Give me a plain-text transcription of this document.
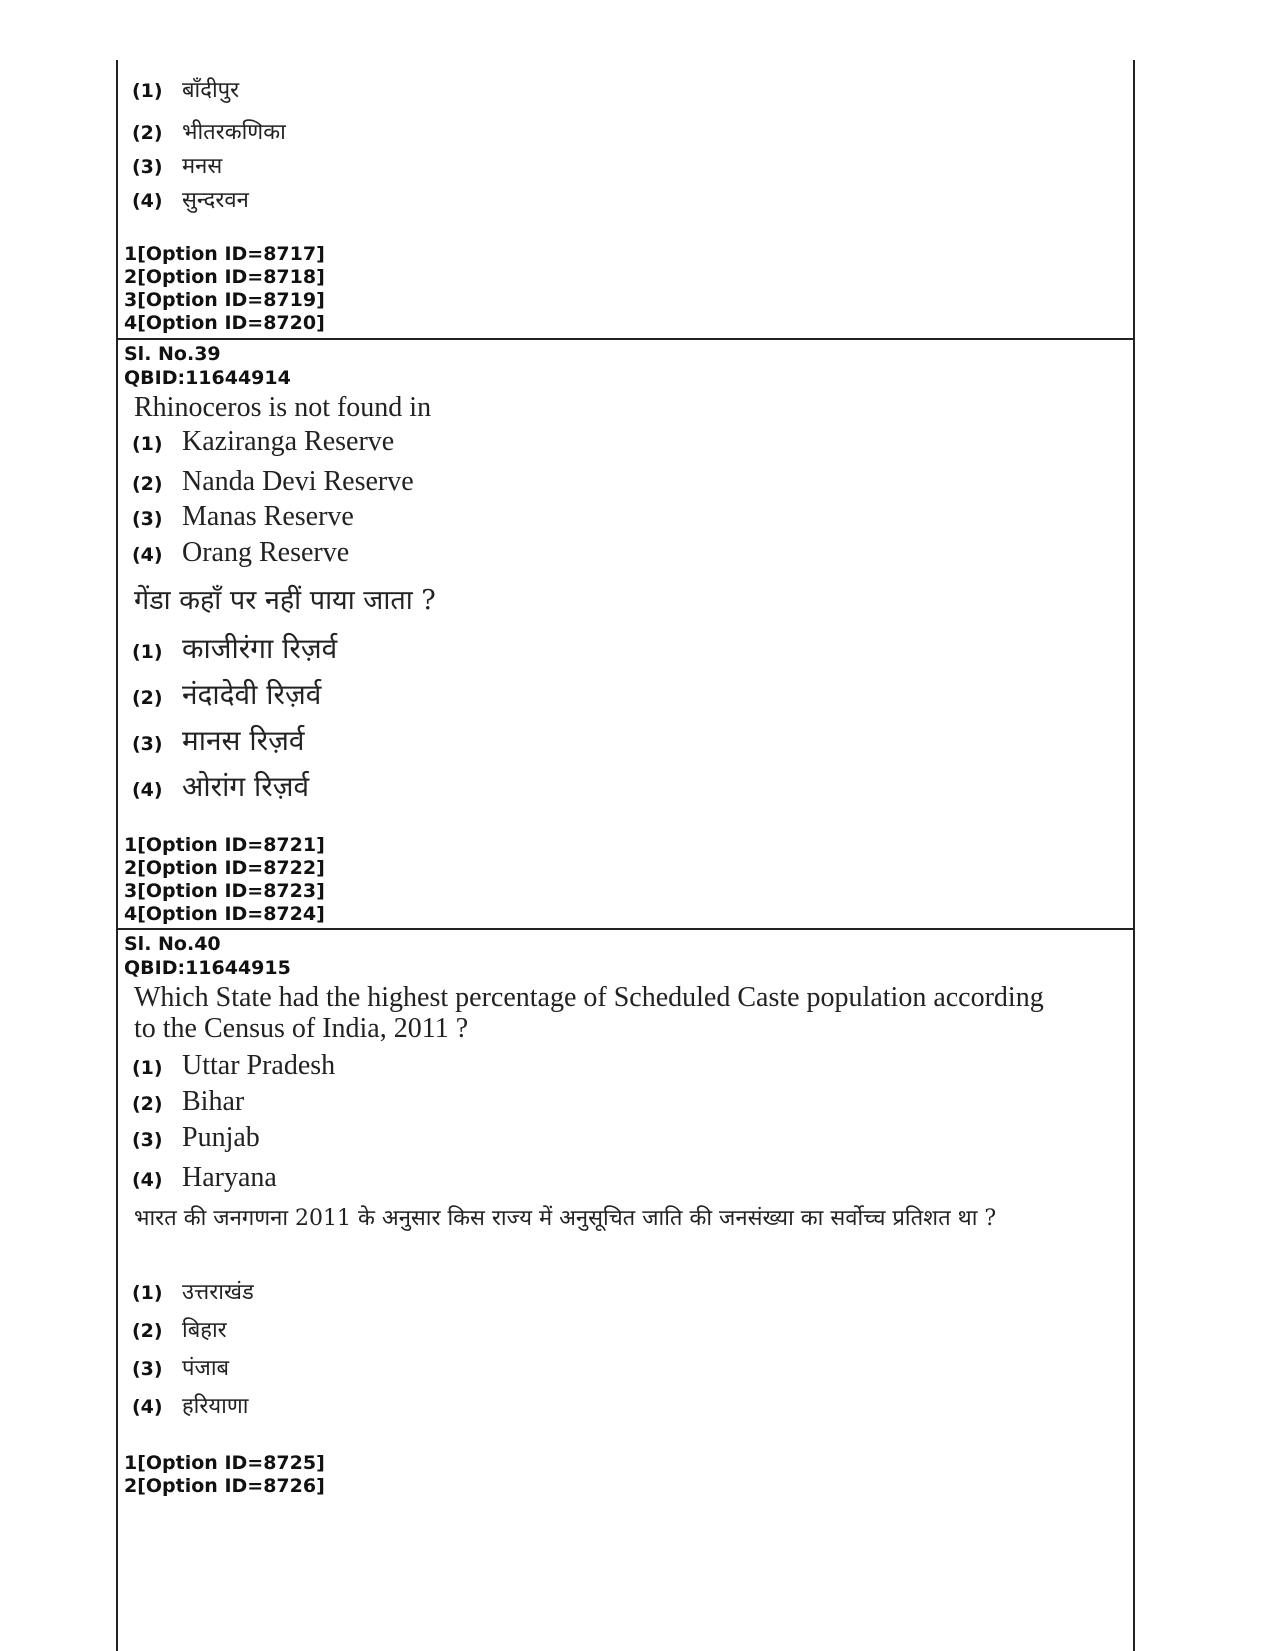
(1) बाँदीपुर
(2) भीतरकणिका
(3) मनस
(4) सुन्दरवन
1[Option ID=8717]
2[Option ID=8718]
3[Option ID=8719]
4[Option ID=8720]
Sl. No.39
QBID:11644914
Rhinoceros is not found in
(1) Kaziranga Reserve
(2) Nanda Devi Reserve
(3) Manas Reserve
(4) Orang Reserve
गेंडा कहाँ पर नहीं पाया जाता ?
(1) काजीरंगा रिज़र्व
(2) नंदादेवी रिज़र्व
(3) मानस रिज़र्व
(4) ओरांग रिज़र्व
1[Option ID=8721]
2[Option ID=8722]
3[Option ID=8723]
4[Option ID=8724]
Sl. No.40
QBID:11644915
Which State had the highest percentage of Scheduled Caste population according to the Census of India, 2011 ?
(1) Uttar Pradesh
(2) Bihar
(3) Punjab
(4) Haryana
भारत की जनगणना 2011 के अनुसार किस राज्य में अनुसूचित जाति की जनसंख्या का सर्वोच्च प्रतिशत था ?
(1) उत्तराखंड
(2) बिहार
(3) पंजाब
(4) हरियाणा
1[Option ID=8725]
2[Option ID=8726]
